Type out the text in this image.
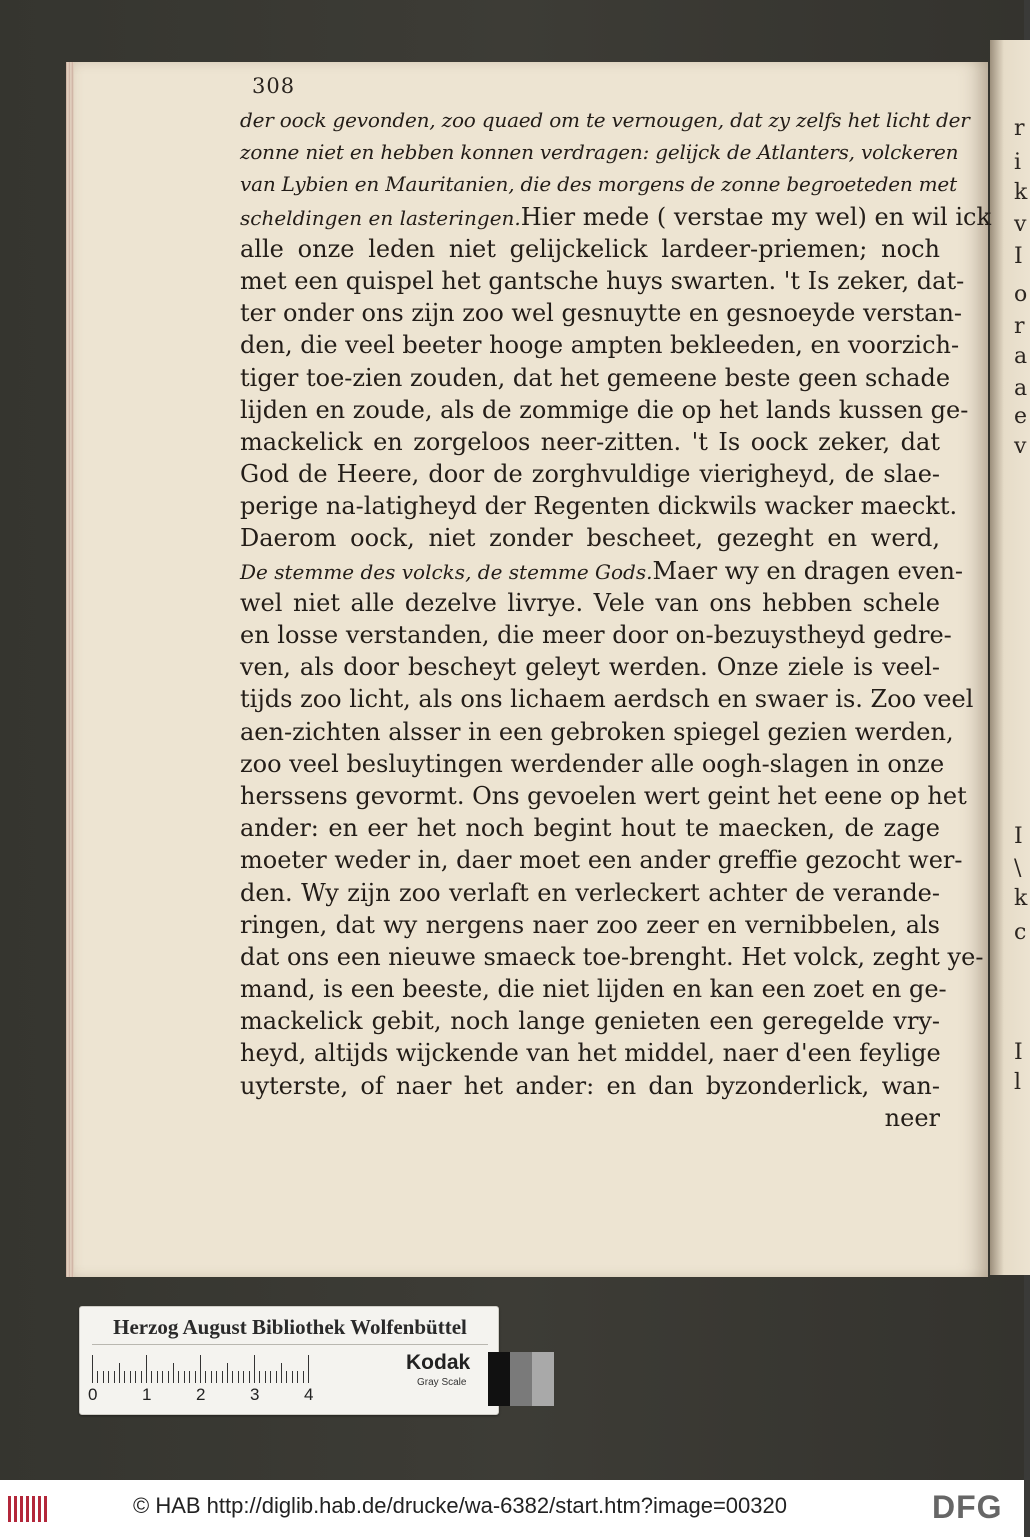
r
i
k
v
I
o
r
a
a
e
v
I
\
k
c
I
l
308
der oock gevonden, zoo quaed om te vernougen, dat zy zelfs het licht der
zonne niet en hebben konnen verdragen: gelijck de Atlanters, volckeren
van Lybien en Mauritanien, die des morgens de zonne begroeteden met
scheldingen en lasteringen.Hier mede ( verstae my wel) en wil ick
alle onze leden niet gelijckelick lardeer-priemen; noch
met een quispel het gantsche huys swarten. 't Is zeker, dat-
ter onder ons zijn zoo wel gesnuytte en gesnoeyde verstan-
den, die veel beeter hooge ampten bekleeden, en voorzich-
tiger toe-zien zouden, dat het gemeene beste geen schade
lijden en zoude, als de zommige die op het lands kussen ge-
mackelick en zorgeloos neer-zitten. 't Is oock zeker, dat
God de Heere, door de zorghvuldige vierigheyd, de slae-
perige na-latigheyd der Regenten dickwils wacker maeckt.
Daerom oock, niet zonder bescheet, gezeght en werd,
De stemme des volcks, de stemme Gods.Maer wy en dragen even-
wel niet alle dezelve livrye. Vele van ons hebben schele
en losse verstanden, die meer door on-bezuystheyd gedre-
ven, als door bescheyt geleyt werden. Onze ziele is veel-
tijds zoo licht, als ons lichaem aerdsch en swaer is. Zoo veel
aen-zichten alsser in een gebroken spiegel gezien werden,
zoo veel besluytingen werdender alle oogh-slagen in onze
herssens gevormt. Ons gevoelen wert geint het eene op het
ander: en eer het noch begint hout te maecken, de zage
moeter weder in, daer moet een ander greffie gezocht wer-
den. Wy zijn zoo verlaft en verleckert achter de verande-
ringen, dat wy nergens naer zoo zeer en vernibbelen, als
dat ons een nieuwe smaeck toe-brenght. Het volck, zeght ye-
mand, is een beeste, die niet lijden en kan een zoet en ge-
mackelick gebit, noch lange genieten een geregelde vry-
heyd, altijds wijckende van het middel, naer d'een feylige
uyterste, of naer het ander: en dan byzonderlick, wan-
neer
Herzog August Bibliothek Wolfenbüttel
0	1	2	3	4
Kodak
Gray Scale
© HAB http://diglib.hab.de/drucke/wa-6382/start.htm?image=00320	DFG
